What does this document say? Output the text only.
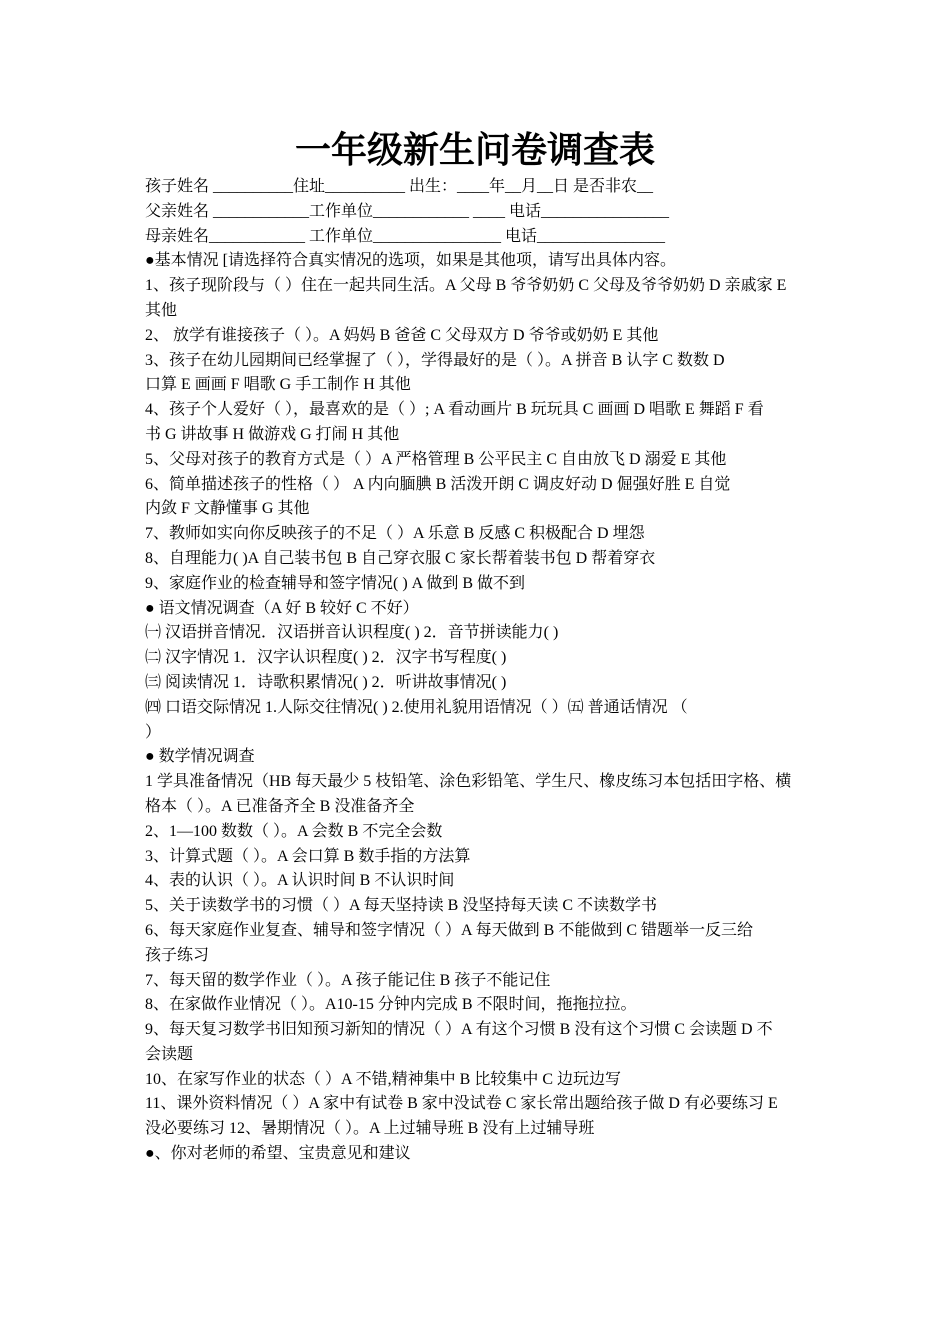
一年级新生问卷调查表
孩子姓名 __________住址__________ 出生：____年__月__日 是否非农__
父亲姓名 ____________工作单位____________ ____ 电话________________
母亲姓名____________ 工作单位________________ 电话________________
●基本情况 [请选择符合真实情况的选项，如果是其他项，请写出具体内容。
1、孩子现阶段与（ ）住在一起共同生活。A 父母 B 爷爷奶奶 C 父母及爷爷奶奶 D 亲戚家 E
其他
2、 放学有谁接孩子（ ）。A 妈妈 B 爸爸 C 父母双方 D 爷爷或奶奶 E 其他
3、孩子在幼儿园期间已经掌握了（ ），学得最好的是（ ）。A 拼音 B 认字 C 数数 D
口算 E 画画 F 唱歌 G 手工制作 H 其他
4、孩子个人爱好（ ），最喜欢的是（ ）; A 看动画片 B 玩玩具 C 画画 D 唱歌 E 舞蹈 F 看
书 G 讲故事 H 做游戏 G 打闹 H 其他
5、父母对孩子的教育方式是（ ）A 严格管理 B 公平民主 C 自由放飞 D 溺爱 E 其他
6、简单描述孩子的性格（ ） A 内向腼腆 B 活泼开朗 C 调皮好动 D 倔强好胜 E 自觉
内敛 F 文静懂事 G 其他
7、教师如实向你反映孩子的不足（ ）A 乐意 B 反感 C 积极配合 D 埋怨
8、自理能力( )A 自己装书包 B 自己穿衣服 C 家长帮着装书包 D 帮着穿衣
9、家庭作业的检查辅导和签字情况( ) A 做到 B 做不到
● 语文情况调查（A 好 B 较好 C 不好）
㈠ 汉语拼音情况．汉语拼音认识程度( ) 2．音节拼读能力( )
㈡ 汉字情况 1．汉字认识程度( ) 2．汉字书写程度( )
㈢ 阅读情况 1．诗歌积累情况( ) 2．听讲故事情况( )
㈣ 口语交际情况 1.人际交往情况( ) 2.使用礼貌用语情况（ ）㈤ 普通话情况 （
）
● 数学情况调查
1 学具准备情况（HB 每天最少 5 枝铅笔、涂色彩铅笔、学生尺、橡皮练习本包括田字格、横
格本（ ）。A 已准备齐全 B 没准备齐全
2、1—100 数数（ ）。A 会数 B 不完全会数
3、计算式题（ ）。A 会口算 B 数手指的方法算
4、表的认识（ ）。A 认识时间 B 不认识时间
5、关于读数学书的习惯（ ）A 每天坚持读 B 没坚持每天读 C 不读数学书
6、每天家庭作业复查、辅导和签字情况（ ）A 每天做到 B 不能做到 C 错题举一反三给
孩子练习
7、每天留的数学作业（ ）。A 孩子能记住 B 孩子不能记住
8、在家做作业情况（ ）。A10-15 分钟内完成 B 不限时间，拖拖拉拉。
9、每天复习数学书旧知预习新知的情况（ ）A 有这个习惯 B 没有这个习惯 C 会读题 D 不
会读题
10、在家写作业的状态（ ）A 不错,精神集中 B 比较集中 C 边玩边写
11、课外资料情况（ ）A 家中有试卷 B 家中没试卷 C 家长常出题给孩子做 D 有必要练习 E
没必要练习 12、暑期情况（ ）。A 上过辅导班 B 没有上过辅导班
●、你对老师的希望、宝贵意见和建议
